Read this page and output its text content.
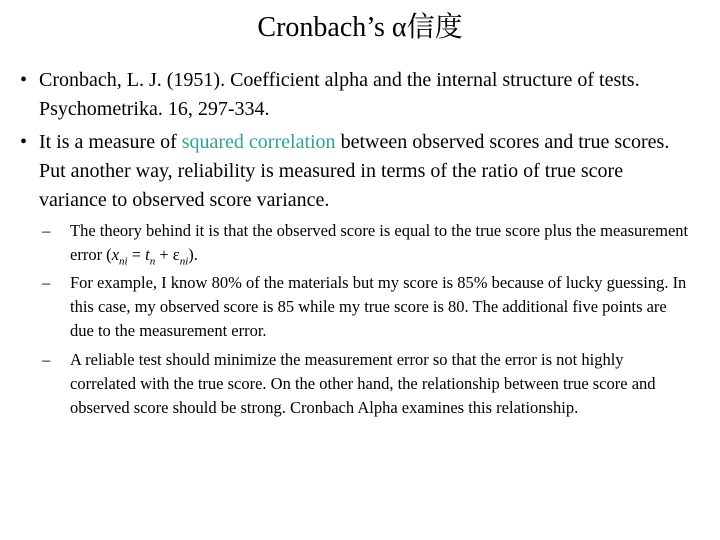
Cronbach’s α信度
• Cronbach, L. J. (1951). Coefficient alpha and the internal structure of tests. Psychometrika. 16, 297-334.
• It is a measure of squared correlation between observed scores and true scores. Put another way, reliability is measured in terms of the ratio of true score variance to observed score variance.
–	The theory behind it is that the observed score is equal to the true score plus the measurement error $(x_{ni} = t_n + \varepsilon_{ni})$.
–	For example, I know 80% of the materials but my score is 85% because of lucky guessing. In this case, my observed score is 85 while my true score is 80. The additional five points are due to the measurement error.
–	A reliable test should minimize the measurement error so that the error is not highly correlated with the true score. On the other hand, the relationship between true score and observed score should be strong. Cronbach Alpha examines this relationship.
